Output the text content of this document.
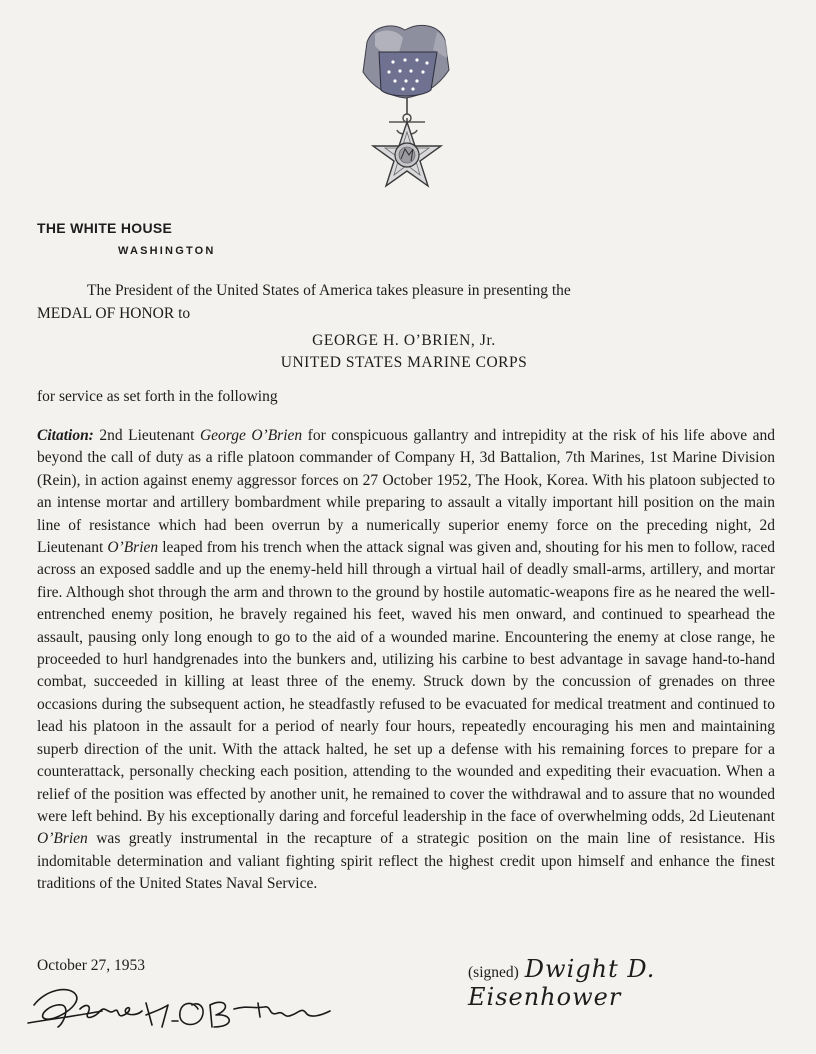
THE WHITE HOUSE
WASHINGTON
The President of the United States of America takes pleasure in presenting the
MEDAL OF HONOR to
GEORGE H. O’BRIEN, Jr.
UNITED STATES MARINE CORPS
for service as set forth in the following
Citation: 2nd Lieutenant George O’Brien for conspicuous gallantry and intrepidity at the risk of his life above and beyond the call of duty as a rifle platoon commander of Company H, 3d Battalion, 7th Marines, 1st Marine Division (Rein), in action against enemy aggressor forces on 27 October 1952, The Hook, Korea. With his platoon subjected to an intense mortar and artillery bombardment while preparing to assault a vitally important hill position on the main line of resistance which had been overrun by a numerically superior enemy force on the preceding night, 2d Lieutenant O’Brien leaped from his trench when the attack signal was given and, shouting for his men to follow, raced across an exposed saddle and up the enemy-held hill through a virtual hail of deadly small-arms, artillery, and mortar fire. Although shot through the arm and thrown to the ground by hostile automatic-weapons fire as he neared the well-entrenched enemy position, he bravely regained his feet, waved his men onward, and continued to spearhead the assault, pausing only long enough to go to the aid of a wounded marine. Encountering the enemy at close range, he proceeded to hurl handgrenades into the bunkers and, utilizing his carbine to best advantage in savage hand-to-hand combat, succeeded in killing at least three of the enemy. Struck down by the concussion of grenades on three occasions during the subsequent action, he steadfastly refused to be evacuated for medical treatment and continued to lead his platoon in the assault for a period of nearly four hours, repeatedly encouraging his men and maintaining superb direction of the unit. With the attack halted, he set up a defense with his remaining forces to prepare for a counterattack, personally checking each position, attending to the wounded and expediting their evacuation. When a relief of the position was effected by another unit, he remained to cover the withdrawal and to assure that no wounded were left behind. By his exceptionally daring and forceful leadership in the face of overwhelming odds, 2d Lieutenant O’Brien was greatly instrumental in the recapture of a strategic position on the main line of resistance. His indomitable determination and valiant fighting spirit reflect the highest credit upon himself and enhance the finest traditions of the United States Naval Service.
October 27, 1953	(signed) Dwight D. Eisenhower
